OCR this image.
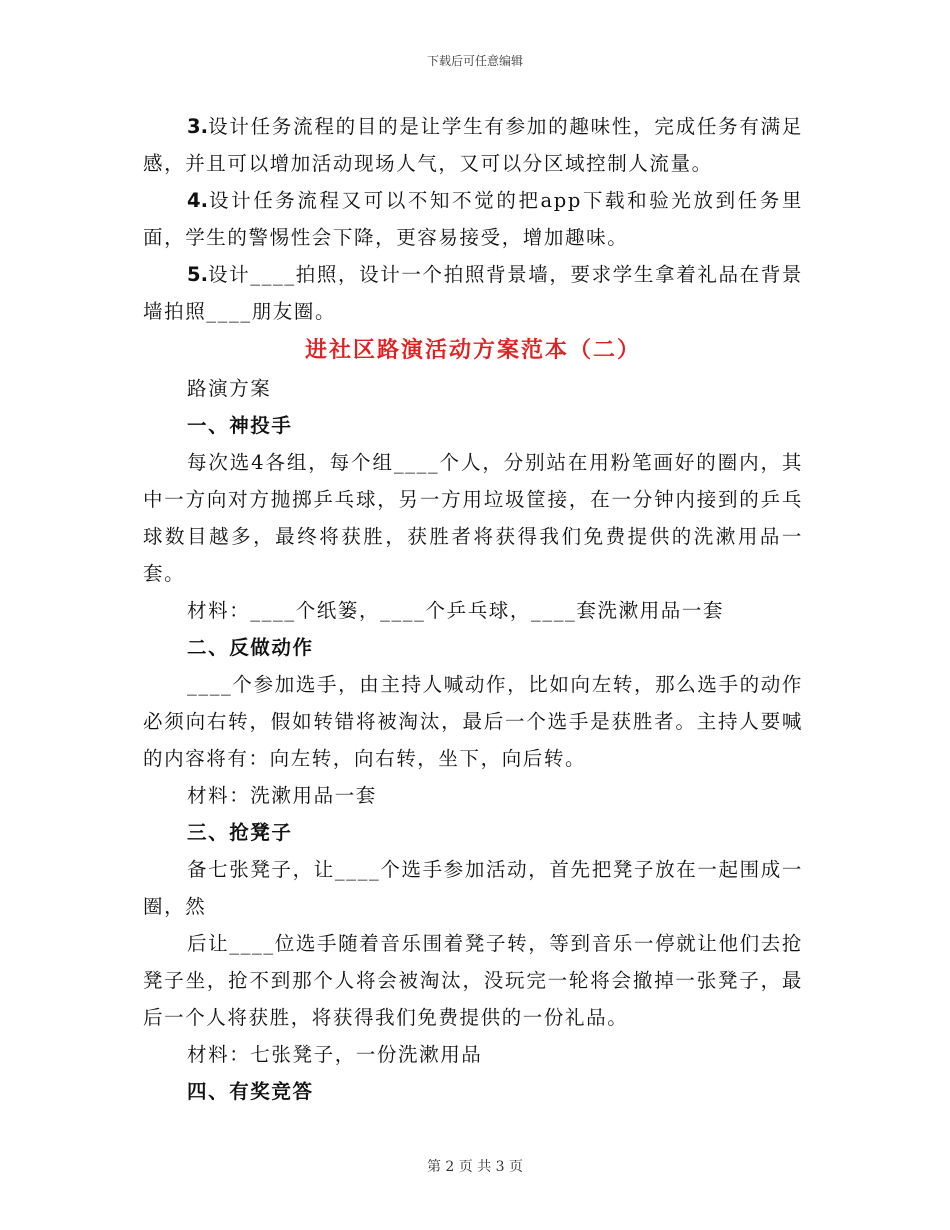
下载后可任意编辑

3.设计任务流程的目的是让学生有参加的趣味性，完成任务有满足感，并且可以增加活动现场人气，又可以分区域控制人流量。

4.设计任务流程又可以不知不觉的把app下载和验光放到任务里面，学生的警惕性会下降，更容易接受，增加趣味。

5.设计____拍照，设计一个拍照背景墙，要求学生拿着礼品在背景墙拍照____朋友圈。

进社区路演活动方案范本（二）

路演方案

一、神投手

每次选4各组，每个组____个人，分别站在用粉笔画好的圈内，其中一方向对方抛掷乒乓球，另一方用垃圾筐接，在一分钟内接到的乒乓球数目越多，最终将获胜，获胜者将获得我们免费提供的洗漱用品一套。

材料：____个纸篓，____个乒乓球，____套洗漱用品一套

二、反做动作

____个参加选手，由主持人喊动作，比如向左转，那么选手的动作必须向右转，假如转错将被淘汰，最后一个选手是获胜者。主持人要喊的内容将有：向左转，向右转，坐下，向后转。

材料：洗漱用品一套

三、抢凳子

备七张凳子，让____个选手参加活动，首先把凳子放在一起围成一圈，然

后让____位选手随着音乐围着凳子转，等到音乐一停就让他们去抢凳子坐，抢不到那个人将会被淘汰，没玩完一轮将会撤掉一张凳子，最后一个人将获胜，将获得我们免费提供的一份礼品。

材料：七张凳子，一份洗漱用品

四、有奖竞答
第 2 页 共 3 页
